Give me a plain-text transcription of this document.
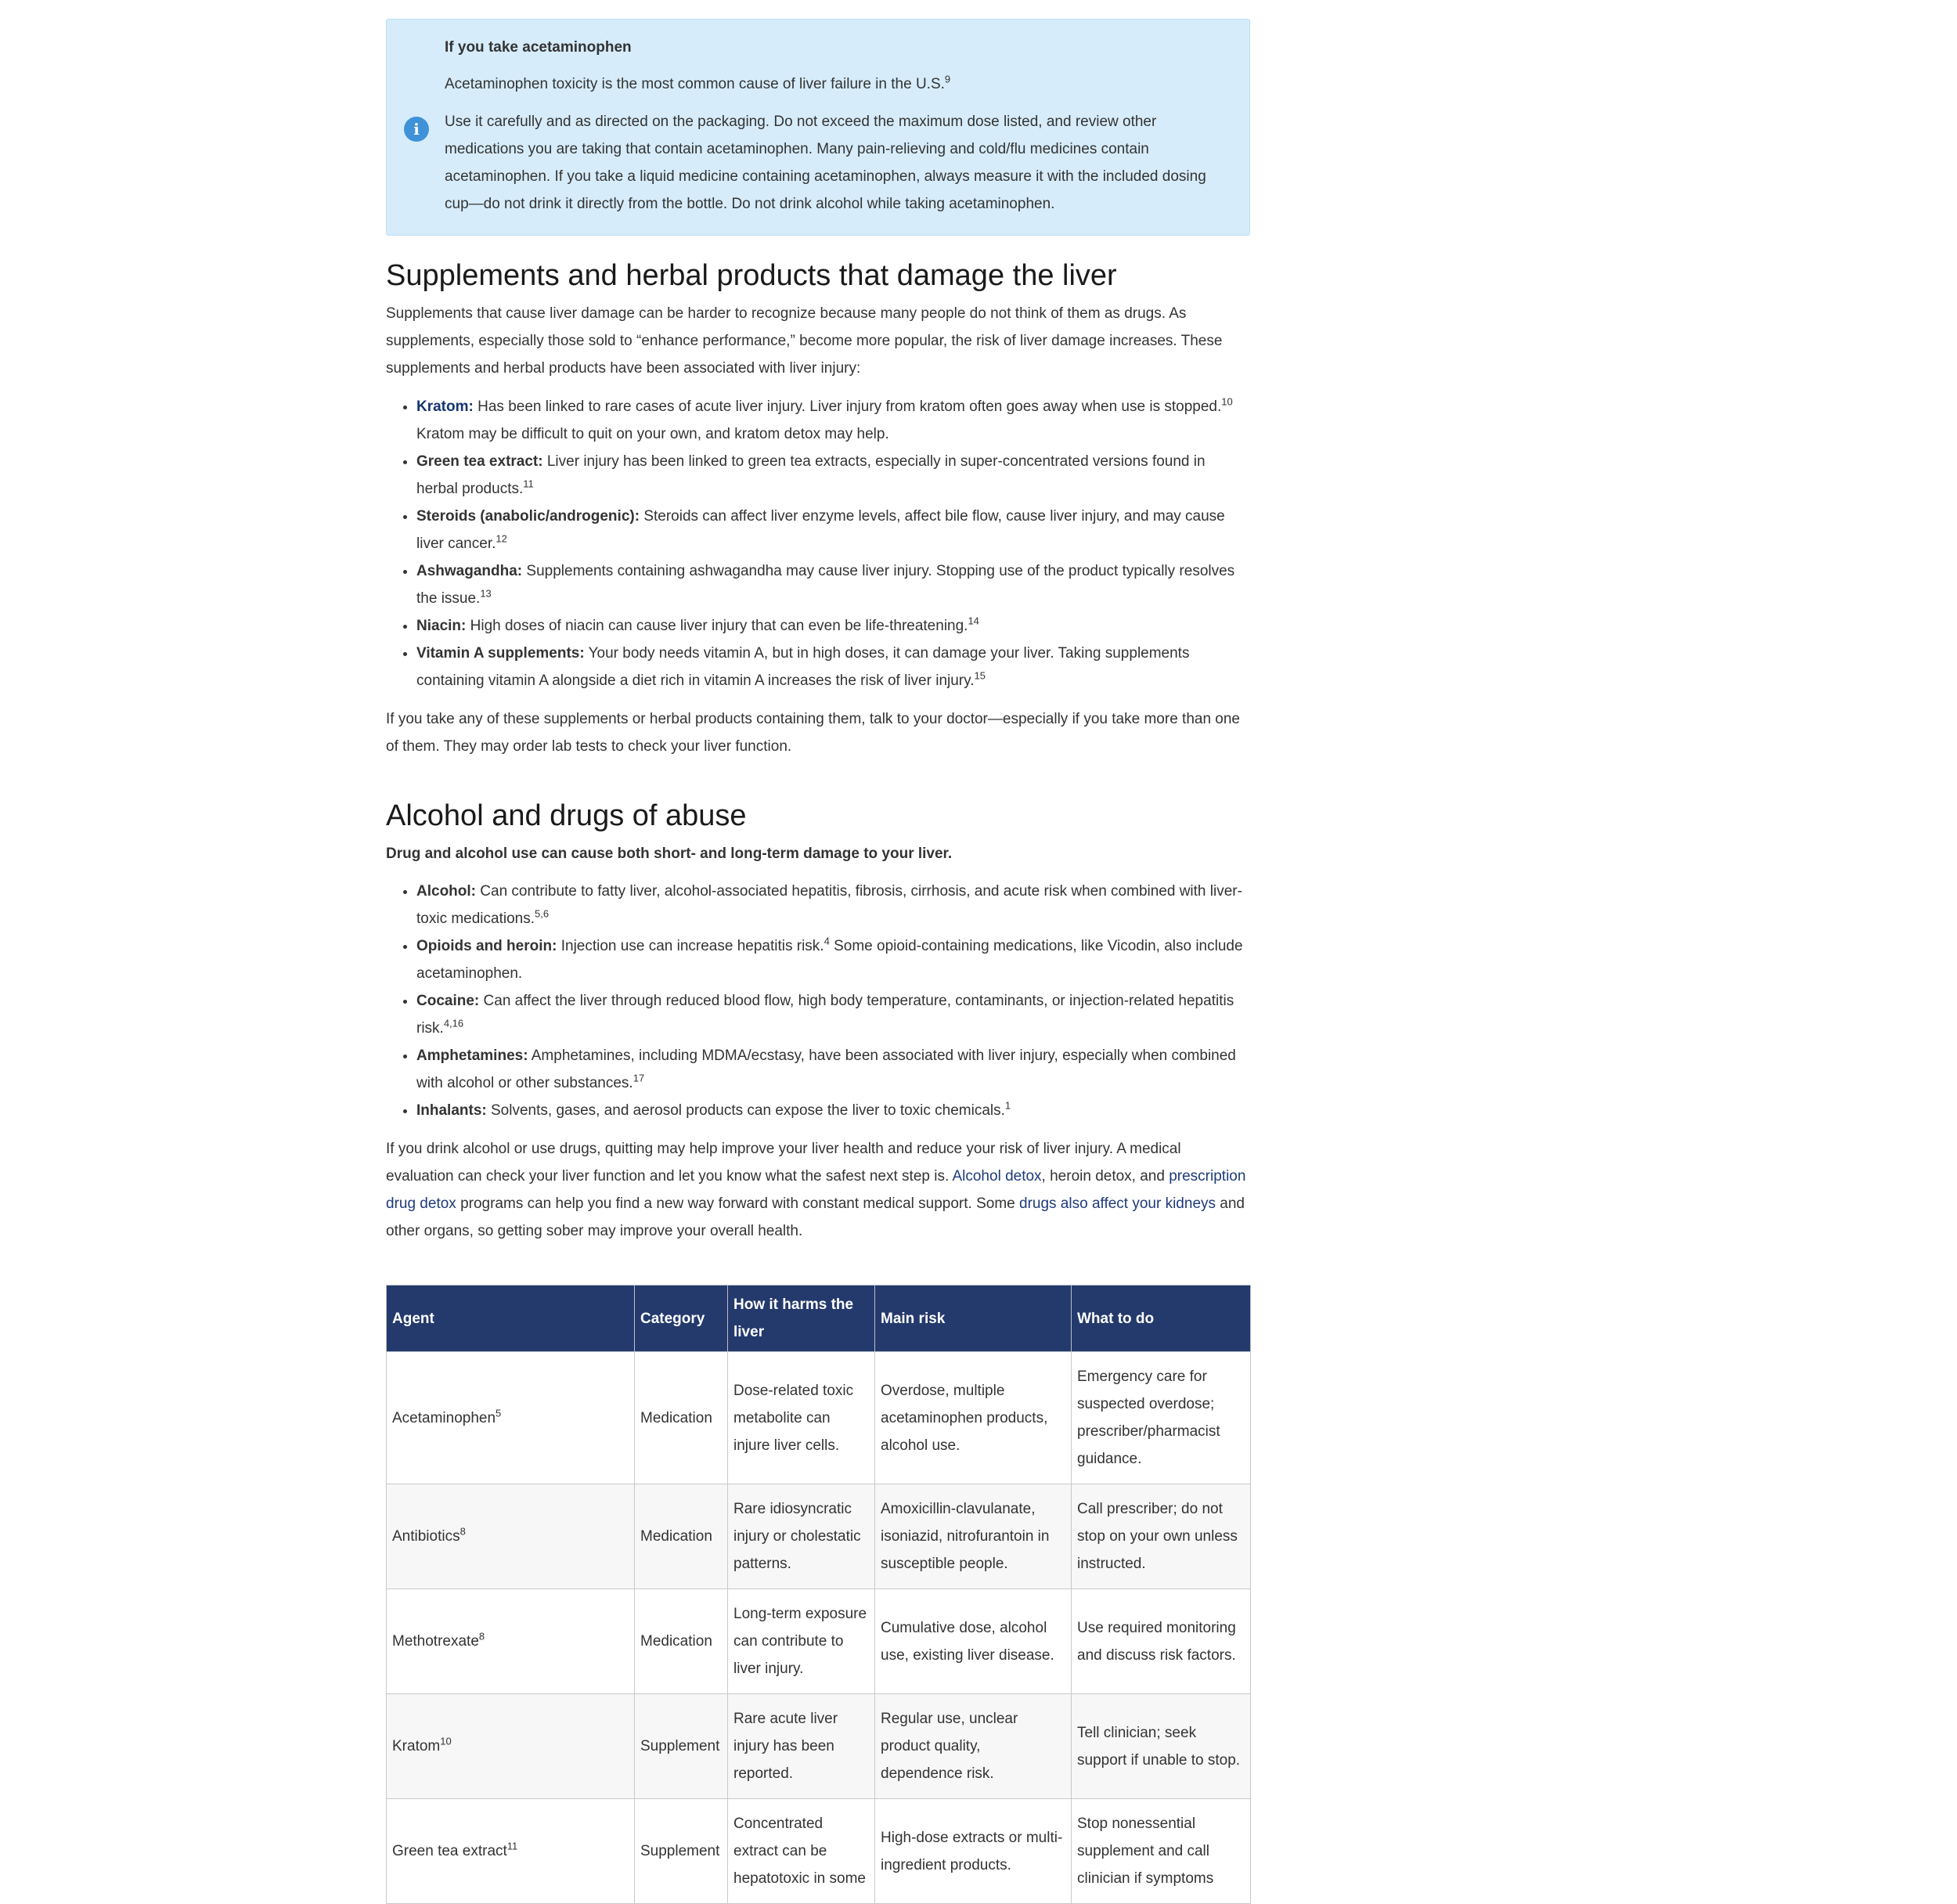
i
If you take acetaminophen

Acetaminophen toxicity is the most common cause of liver failure in the U.S.$^9$

Use it carefully and as directed on the packaging. Do not exceed the maximum dose listed, and review other medications you are taking that contain acetaminophen. Many pain-relieving and cold/flu medicines contain acetaminophen. If you take a liquid medicine containing acetaminophen, always measure it with the included dosing cup—do not drink it directly from the bottle. Do not drink alcohol while taking acetaminophen.

Supplements and herbal products that damage the liver

Supplements that cause liver damage can be harder to recognize because many people do not think of them as drugs. As supplements, especially those sold to “enhance performance,” become more popular, the risk of liver damage increases. These supplements and herbal products have been associated with liver injury:

• Kratom: Has been linked to rare cases of acute liver injury. Liver injury from kratom often goes away when use is stopped.$^{10}$ Kratom may be difficult to quit on your own, and kratom detox may help.
• Green tea extract: Liver injury has been linked to green tea extracts, especially in super-concentrated versions found in herbal products.$^{11}$
• Steroids (anabolic/androgenic): Steroids can affect liver enzyme levels, affect bile flow, cause liver injury, and may cause liver cancer.$^{12}$
• Ashwagandha: Supplements containing ashwagandha may cause liver injury. Stopping use of the product typically resolves the issue.$^{13}$
• Niacin: High doses of niacin can cause liver injury that can even be life-threatening.$^{14}$
• Vitamin A supplements: Your body needs vitamin A, but in high doses, it can damage your liver. Taking supplements containing vitamin A alongside a diet rich in vitamin A increases the risk of liver injury.$^{15}$

If you take any of these supplements or herbal products containing them, talk to your doctor—especially if you take more than one of them. They may order lab tests to check your liver function.

Alcohol and drugs of abuse

Drug and alcohol use can cause both short- and long-term damage to your liver.

• Alcohol: Can contribute to fatty liver, alcohol-associated hepatitis, fibrosis, cirrhosis, and acute risk when combined with liver-toxic medications.$^{5,6}$
• Opioids and heroin: Injection use can increase hepatitis risk.$^4$ Some opioid-containing medications, like Vicodin, also include acetaminophen.
• Cocaine: Can affect the liver through reduced blood flow, high body temperature, contaminants, or injection-related hepatitis risk.$^{4,16}$
• Amphetamines: Amphetamines, including MDMA/ecstasy, have been associated with liver injury, especially when combined with alcohol or other substances.$^{17}$
• Inhalants: Solvents, gases, and aerosol products can expose the liver to toxic chemicals.$^1$

If you drink alcohol or use drugs, quitting may help improve your liver health and reduce your risk of liver injury. A medical evaluation can check your liver function and let you know what the safest next step is. Alcohol detox, heroin detox, and prescription drug detox programs can help you find a new way forward with constant medical support. Some drugs also affect your kidneys and other organs, so getting sober may improve your overall health.

Agent	Category	How it harms the liver	Main risk	What to do
Acetaminophen$^5$	Medication	Dose-related toxic metabolite can injure liver cells.	Overdose, multiple acetaminophen products, alcohol use.	Emergency care for suspected overdose; prescriber/pharmacist guidance.
Antibiotics$^8$	Medication	Rare idiosyncratic injury or cholestatic patterns.	Amoxicillin-clavulanate, isoniazid, nitrofurantoin in susceptible people.	Call prescriber; do not stop on your own unless instructed.
Methotrexate$^8$	Medication	Long-term exposure can contribute to liver injury.	Cumulative dose, alcohol use, existing liver disease.	Use required monitoring and discuss risk factors.
Kratom$^{10}$	Supplement	Rare acute liver injury has been reported.	Regular use, unclear product quality, dependence risk.	Tell clinician; seek support if unable to stop.
Green tea extract$^{11}$	Supplement	Concentrated extract can be hepatotoxic in some	High-dose extracts or multi-ingredient products.	Stop nonessential supplement and call clinician if symptoms
